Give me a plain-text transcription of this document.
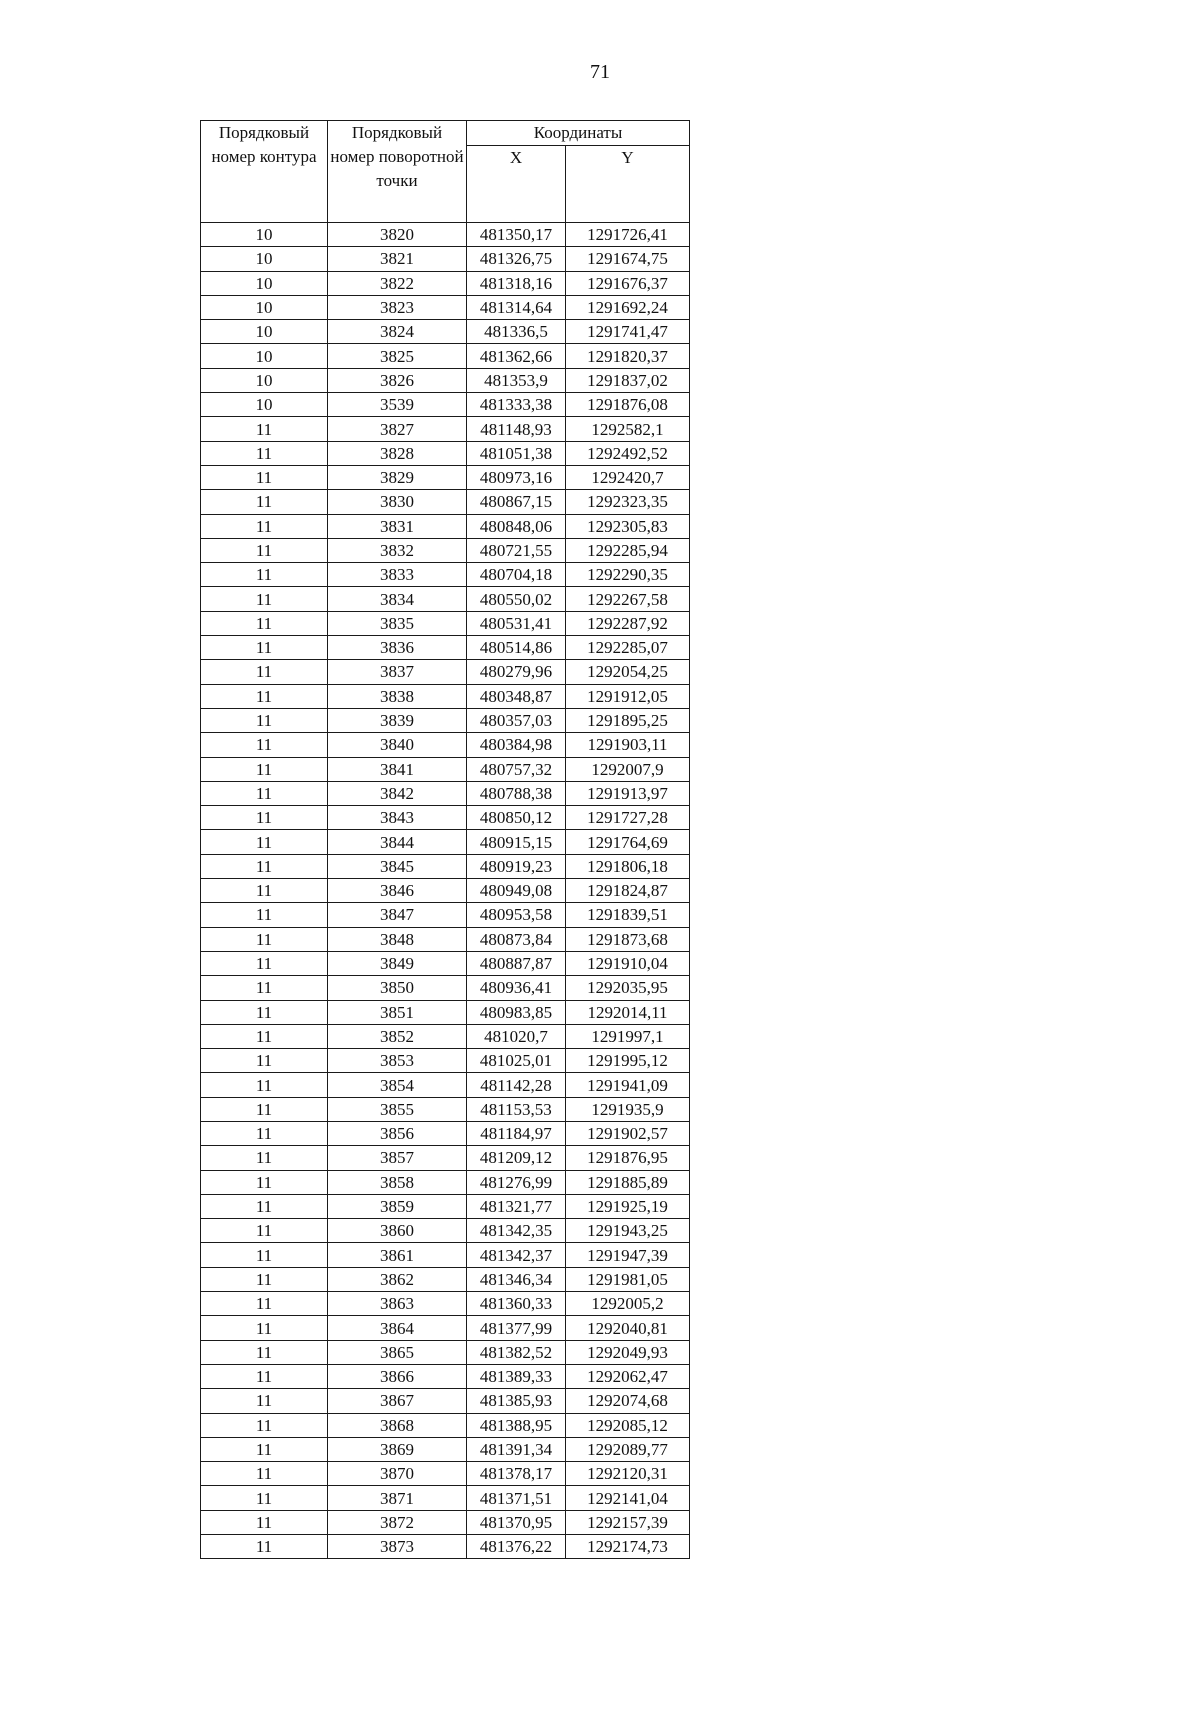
71
Порядковый номер контура	Порядковый номер поворотной точки	Координаты	
		X	Y
10	3820	481350,17	1291726,41
10	3821	481326,75	1291674,75
10	3822	481318,16	1291676,37
10	3823	481314,64	1291692,24
10	3824	481336,5	1291741,47
10	3825	481362,66	1291820,37
10	3826	481353,9	1291837,02
10	3539	481333,38	1291876,08
11	3827	481148,93	1292582,1
11	3828	481051,38	1292492,52
11	3829	480973,16	1292420,7
11	3830	480867,15	1292323,35
11	3831	480848,06	1292305,83
11	3832	480721,55	1292285,94
11	3833	480704,18	1292290,35
11	3834	480550,02	1292267,58
11	3835	480531,41	1292287,92
11	3836	480514,86	1292285,07
11	3837	480279,96	1292054,25
11	3838	480348,87	1291912,05
11	3839	480357,03	1291895,25
11	3840	480384,98	1291903,11
11	3841	480757,32	1292007,9
11	3842	480788,38	1291913,97
11	3843	480850,12	1291727,28
11	3844	480915,15	1291764,69
11	3845	480919,23	1291806,18
11	3846	480949,08	1291824,87
11	3847	480953,58	1291839,51
11	3848	480873,84	1291873,68
11	3849	480887,87	1291910,04
11	3850	480936,41	1292035,95
11	3851	480983,85	1292014,11
11	3852	481020,7	1291997,1
11	3853	481025,01	1291995,12
11	3854	481142,28	1291941,09
11	3855	481153,53	1291935,9
11	3856	481184,97	1291902,57
11	3857	481209,12	1291876,95
11	3858	481276,99	1291885,89
11	3859	481321,77	1291925,19
11	3860	481342,35	1291943,25
11	3861	481342,37	1291947,39
11	3862	481346,34	1291981,05
11	3863	481360,33	1292005,2
11	3864	481377,99	1292040,81
11	3865	481382,52	1292049,93
11	3866	481389,33	1292062,47
11	3867	481385,93	1292074,68
11	3868	481388,95	1292085,12
11	3869	481391,34	1292089,77
11	3870	481378,17	1292120,31
11	3871	481371,51	1292141,04
11	3872	481370,95	1292157,39
11	3873	481376,22	1292174,73
